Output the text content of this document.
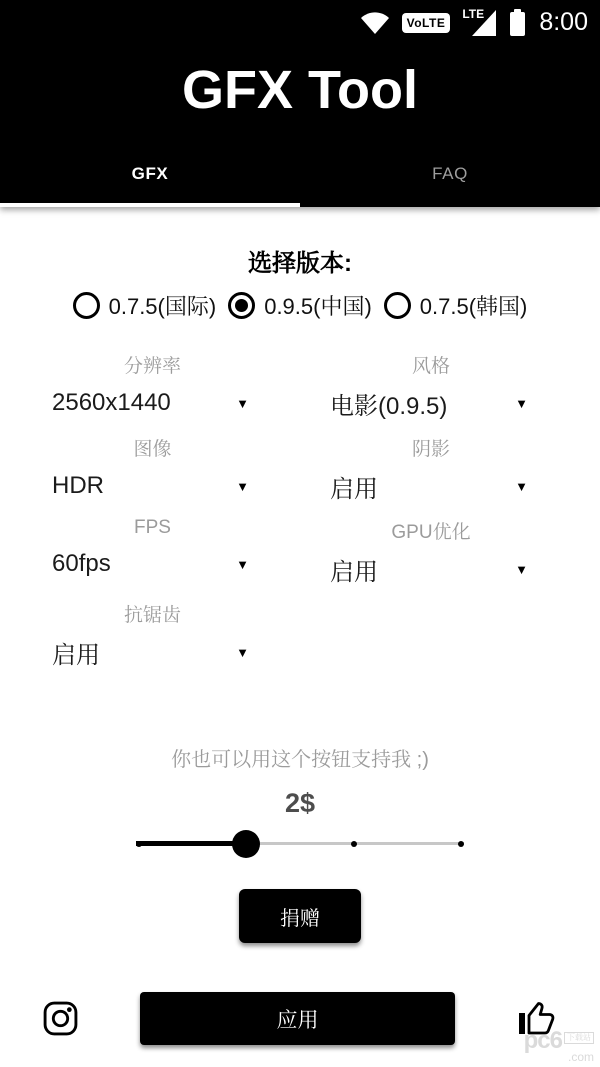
VoLTE
LTE 8:00
GFX Tool
GFX	FAQ
选择版本:
0.7.5(国际) 0.9.5(中国) 0.7.5(韩国)
分辨率
2560x1440	▼
风格
电影(0.9.5)	▼
图像
HDR	▼
阴影
启用	▼
FPS
60fps	▼
GPU优化
启用	▼
抗锯齿
启用	▼
你也可以用这个按钮支持我 ;)
2$
捐赠
应用
pc6 下载站
.com
